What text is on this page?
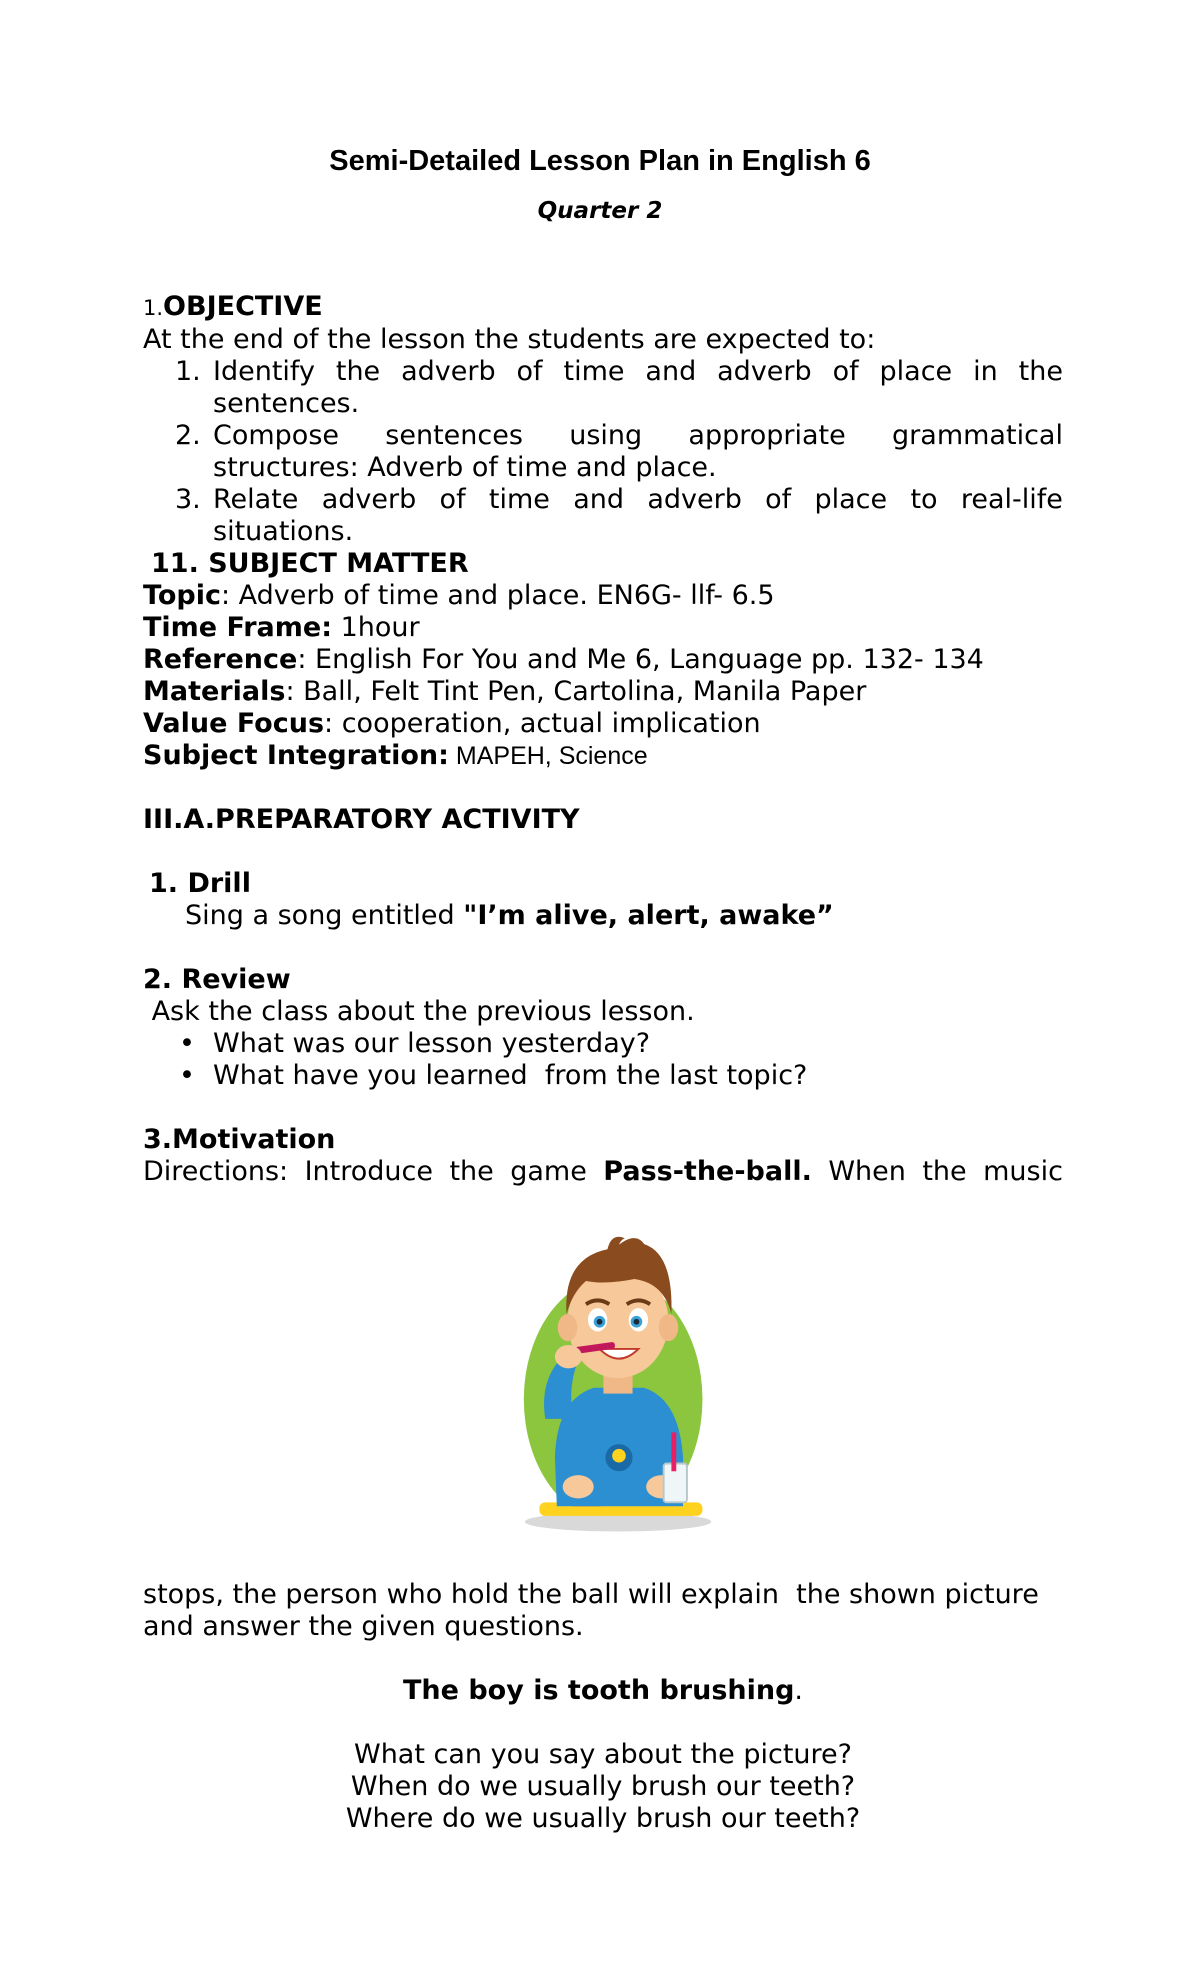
Semi-Detailed Lesson Plan in English 6
Quarter 2

1.OBJECTIVE

At the end of the lesson the students are expected to:

1. Identify the adverb of time and adverb of place in the
sentences.
2. Compose sentences using appropriate grammatical
structures: Adverb of time and place.
3. Relate adverb of time and adverb of place to real-life
situations.

11. SUBJECT MATTER

Topic: Adverb of time and place. EN6G- llf- 6.5

Time Frame: 1hour

Reference: English For You and Me 6, Language pp. 132- 134

Materials: Ball, Felt Tint Pen, Cartolina, Manila Paper

Value Focus: cooperation, actual implication

Subject Integration: MAPEH, Science

III.A.PREPARATORY ACTIVITY

1. Drill

Sing a song entitled "I’m alive, alert, awake”

2. Review

Ask the class about the previous lesson.

• What was our lesson yesterday?
• What have you learned  from the last topic?

3.Motivation

Directions: Introduce the game Pass-the-ball. When the music

stops, the person who hold the ball will explain  the shown picture

and answer the given questions.

The boy is tooth brushing.

What can you say about the picture?

When do we usually brush our teeth?

Where do we usually brush our teeth?
